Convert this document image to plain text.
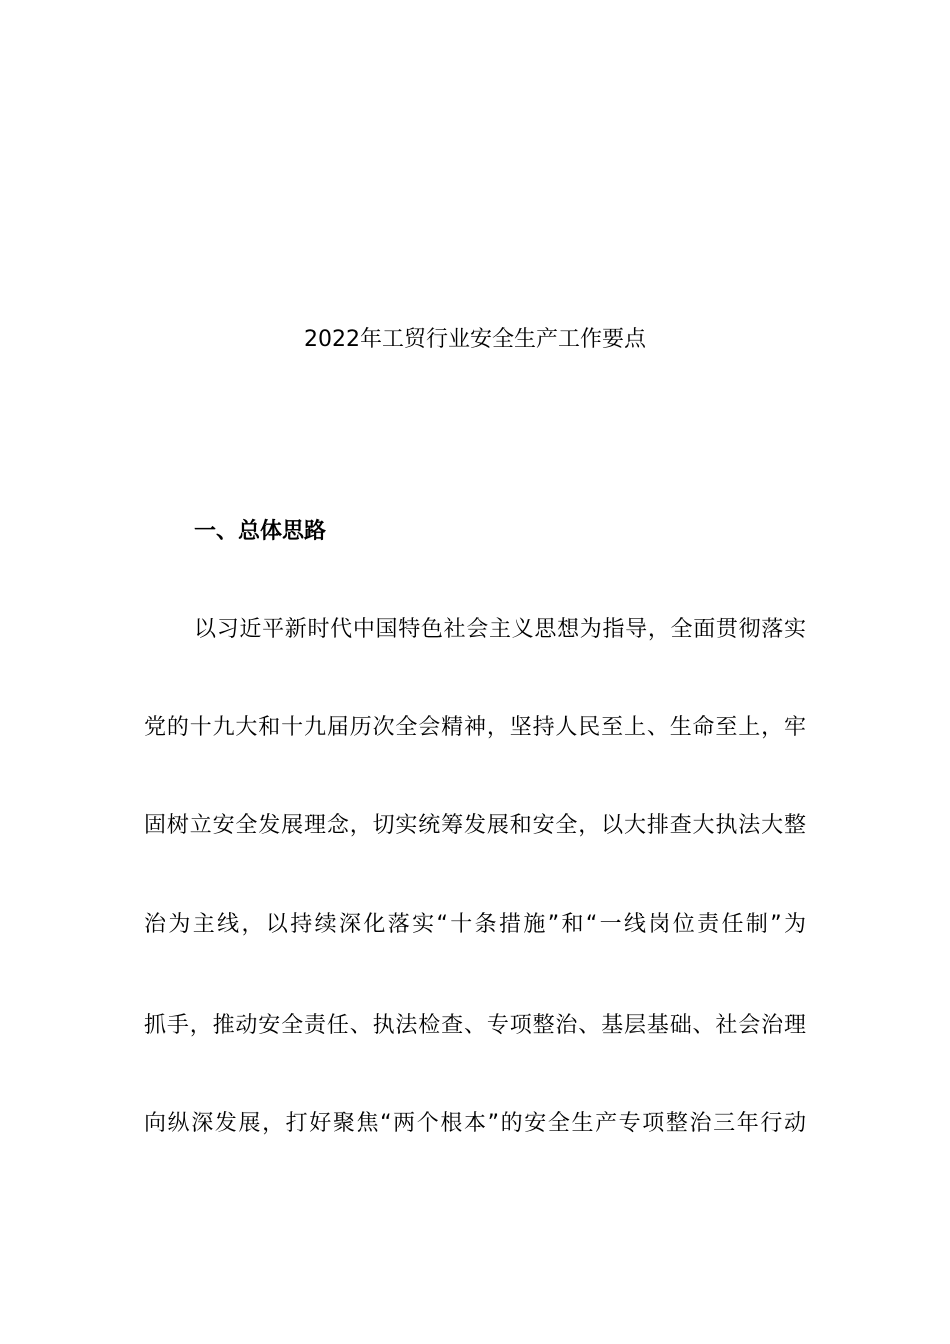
2022年工贸行业安全生产工作要点
一、总体思路
以习近平新时代中国特色社会主义思想为指导，全面贯彻落实
党的十九大和十九届历次全会精神，坚持人民至上、生命至上，牢
固树立安全发展理念，切实统筹发展和安全，以大排查大执法大整
治为主线，以持续深化落实“十条措施”和“一线岗位责任制”为
抓手，推动安全责任、执法检查、专项整治、基层基础、社会治理
向纵深发展，打好聚焦“两个根本”的安全生产专项整治三年行动
